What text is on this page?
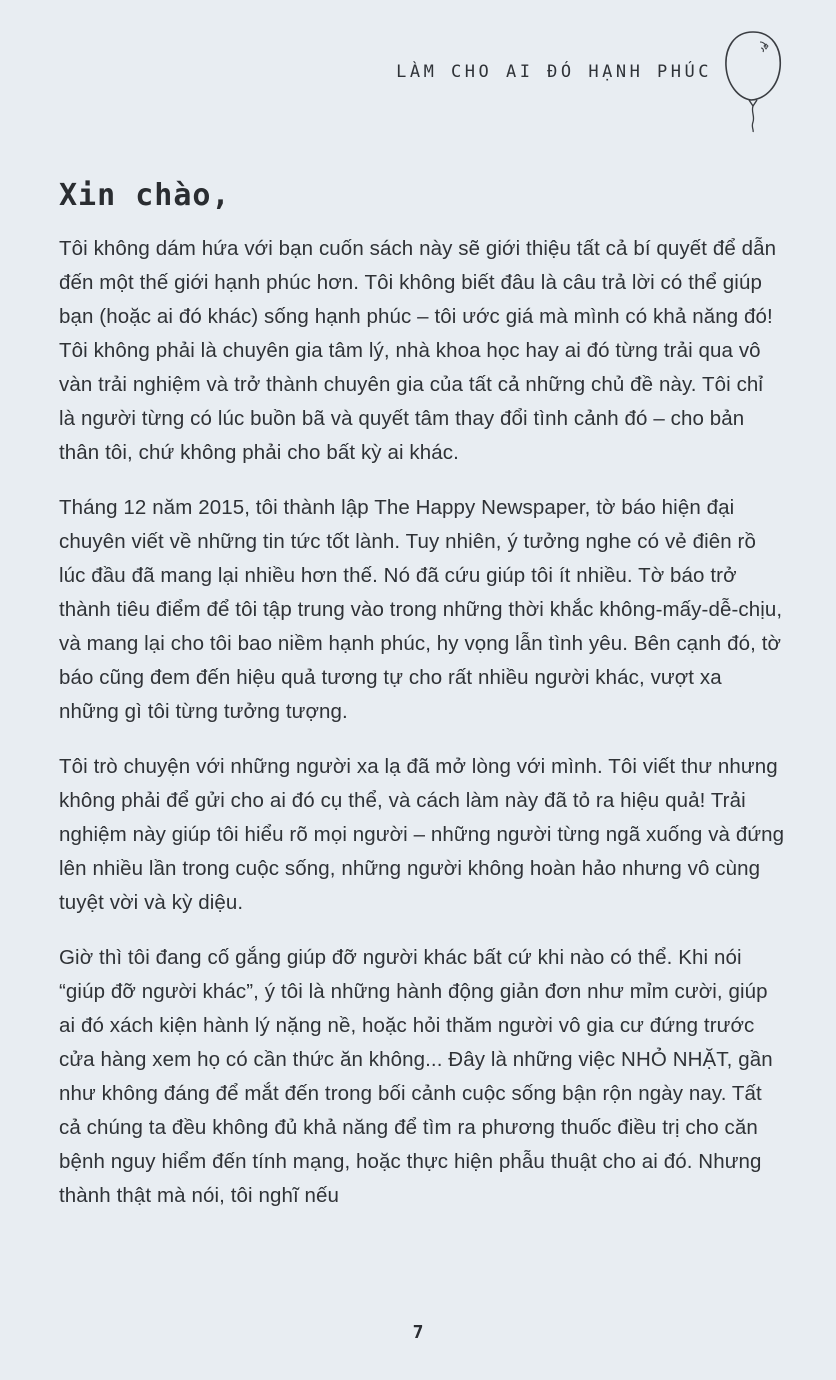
LÀM CHO AI ĐÓ HẠNH PHÚC
Xin chào,

Tôi không dám hứa với bạn cuốn sách này sẽ giới thiệu tất cả bí quyết để dẫn đến một thế giới hạnh phúc hơn. Tôi không biết đâu là câu trả lời có thể giúp bạn (hoặc ai đó khác) sống hạnh phúc – tôi ước giá mà mình có khả năng đó! Tôi không phải là chuyên gia tâm lý, nhà khoa học hay ai đó từng trải qua vô vàn trải nghiệm và trở thành chuyên gia của tất cả những chủ đề này. Tôi chỉ là người từng có lúc buồn bã và quyết tâm thay đổi tình cảnh đó – cho bản thân tôi, chứ không phải cho bất kỳ ai khác.

Tháng 12 năm 2015, tôi thành lập The Happy Newspaper, tờ báo hiện đại chuyên viết về những tin tức tốt lành. Tuy nhiên, ý tưởng nghe có vẻ điên rồ lúc đầu đã mang lại nhiều hơn thế. Nó đã cứu giúp tôi ít nhiều. Tờ báo trở thành tiêu điểm để tôi tập trung vào trong những thời khắc không-mấy-dễ-chịu, và mang lại cho tôi bao niềm hạnh phúc, hy vọng lẫn tình yêu. Bên cạnh đó, tờ báo cũng đem đến hiệu quả tương tự cho rất nhiều người khác, vượt xa những gì tôi từng tưởng tượng.

Tôi trò chuyện với những người xa lạ đã mở lòng với mình. Tôi viết thư nhưng không phải để gửi cho ai đó cụ thể, và cách làm này đã tỏ ra hiệu quả! Trải nghiệm này giúp tôi hiểu rõ mọi người – những người từng ngã xuống và đứng lên nhiều lần trong cuộc sống, những người không hoàn hảo nhưng vô cùng tuyệt vời và kỳ diệu.

Giờ thì tôi đang cố gắng giúp đỡ người khác bất cứ khi nào có thể. Khi nói “giúp đỡ người khác”, ý tôi là những hành động giản đơn như mỉm cười, giúp ai đó xách kiện hành lý nặng nề, hoặc hỏi thăm người vô gia cư đứng trước cửa hàng xem họ có cần thức ăn không... Đây là những việc NHỎ NHẶT, gần như không đáng để mắt đến trong bối cảnh cuộc sống bận rộn ngày nay. Tất cả chúng ta đều không đủ khả năng để tìm ra phương thuốc điều trị cho căn bệnh nguy hiểm đến tính mạng, hoặc thực hiện phẫu thuật cho ai đó. Nhưng thành thật mà nói, tôi nghĩ nếu

7
